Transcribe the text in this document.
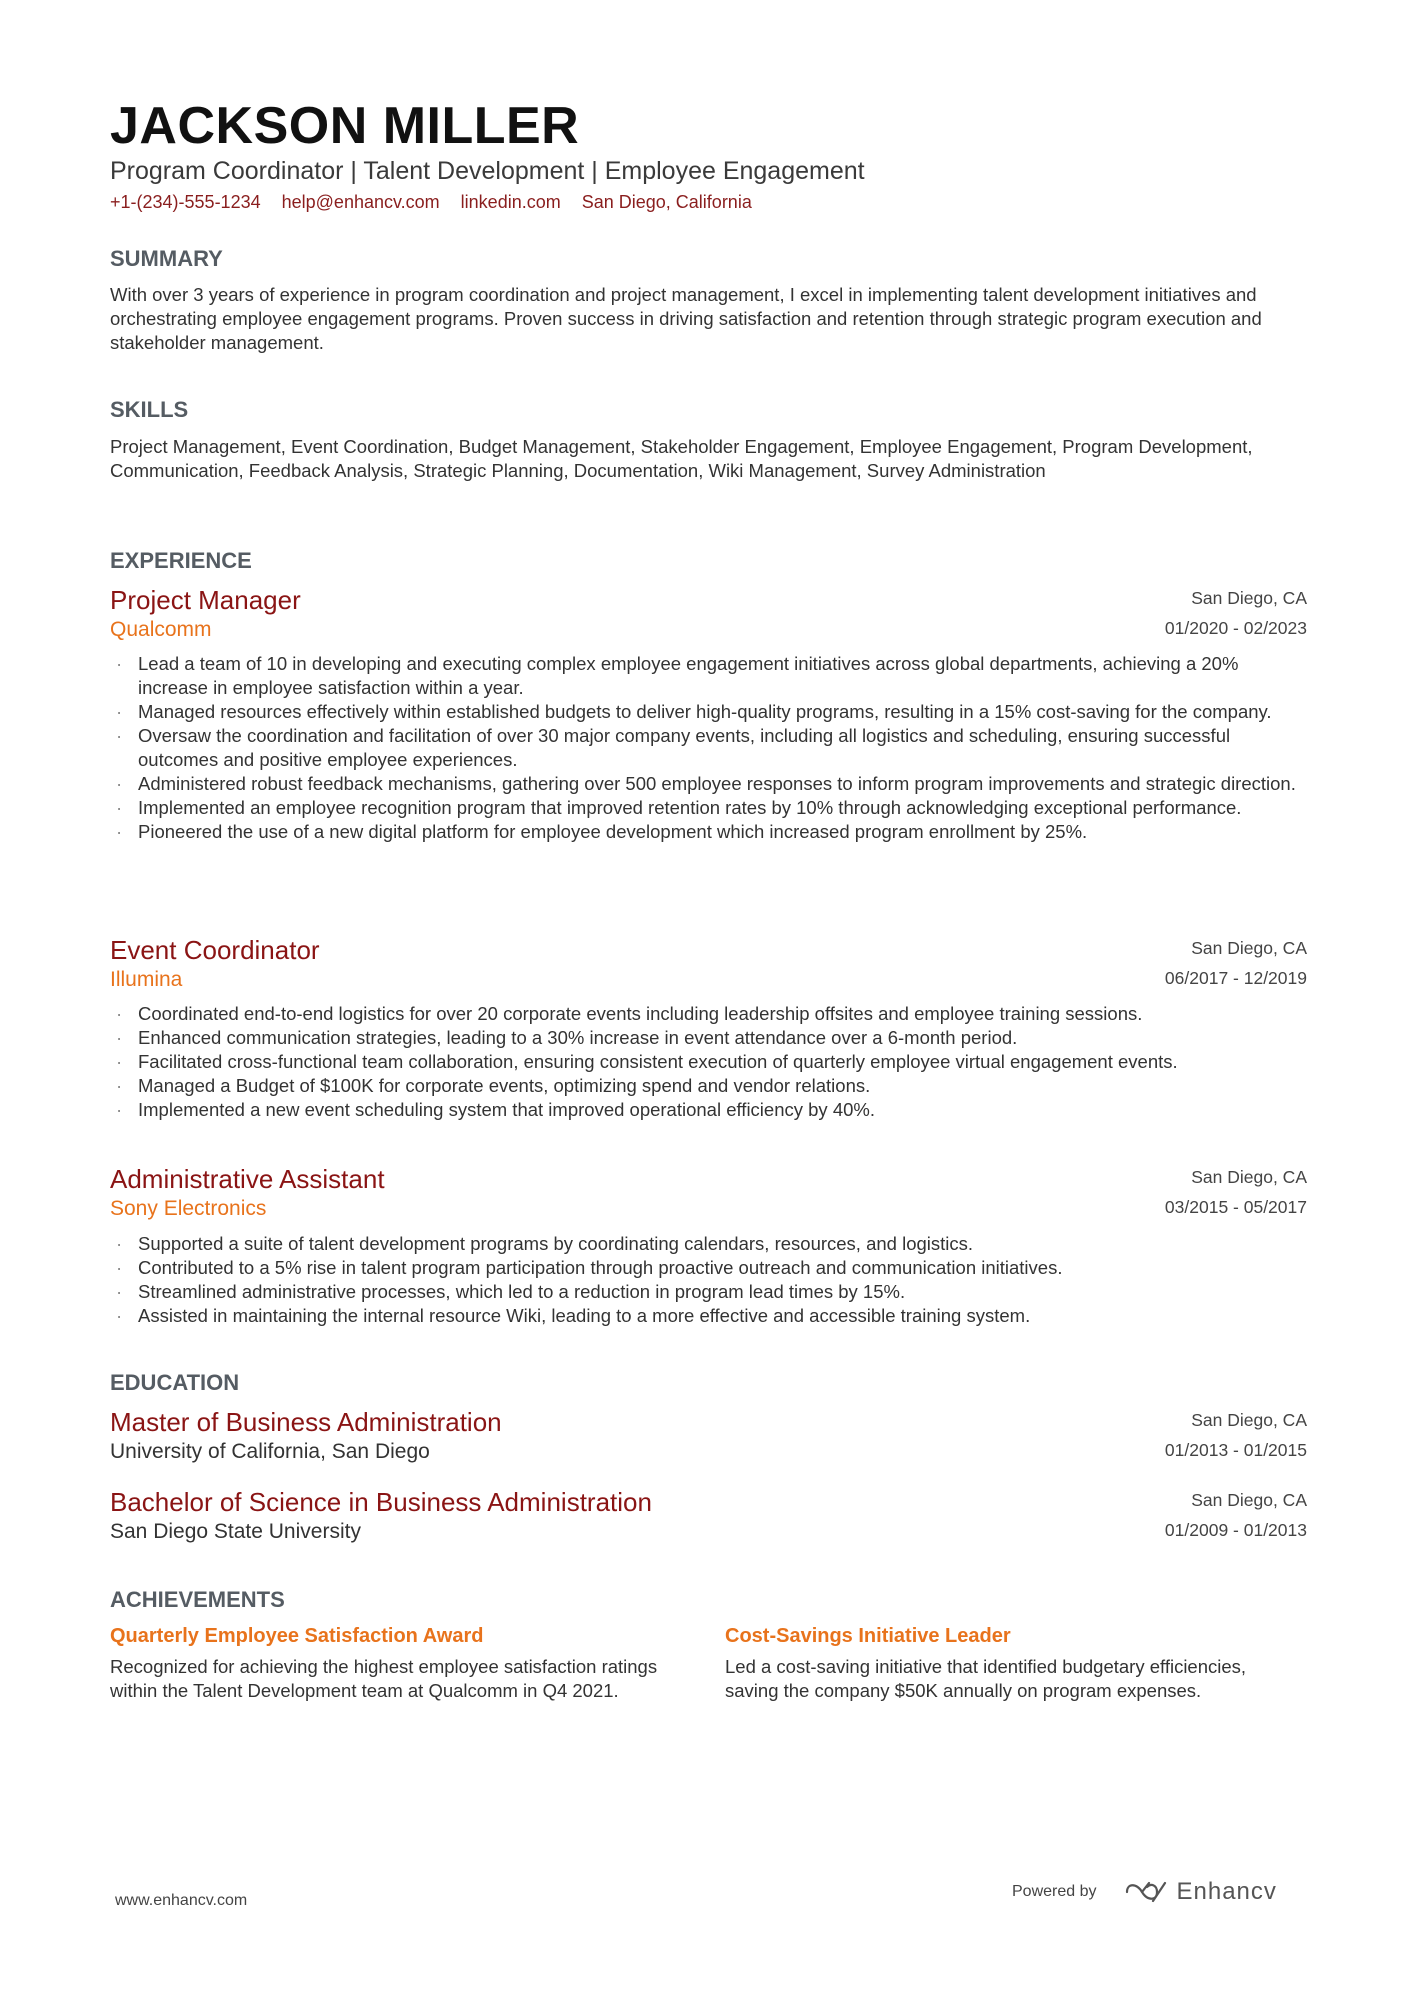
JACKSON MILLER
Program Coordinator | Talent Development | Employee Engagement
+1-(234)-555-1234 help@enhancv.com linkedin.com San Diego, California
SUMMARY
With over 3 years of experience in program coordination and project management, I excel in implementing talent development initiatives and orchestrating employee engagement programs. Proven success in driving satisfaction and retention through strategic program execution and stakeholder management.
SKILLS
Project Management, Event Coordination, Budget Management, Stakeholder Engagement, Employee Engagement, Program Development, Communication, Feedback Analysis, Strategic Planning, Documentation, Wiki Management, Survey Administration
EXPERIENCE
Project Manager
Qualcomm
San Diego, CA
01/2020 - 02/2023
· Lead a team of 10 in developing and executing complex employee engagement initiatives across global departments, achieving a 20% increase in employee satisfaction within a year.
· Managed resources effectively within established budgets to deliver high-quality programs, resulting in a 15% cost-saving for the company.
· Oversaw the coordination and facilitation of over 30 major company events, including all logistics and scheduling, ensuring successful outcomes and positive employee experiences.
· Administered robust feedback mechanisms, gathering over 500 employee responses to inform program improvements and strategic direction.
· Implemented an employee recognition program that improved retention rates by 10% through acknowledging exceptional performance.
· Pioneered the use of a new digital platform for employee development which increased program enrollment by 25%.
Event Coordinator
Illumina
San Diego, CA
06/2017 - 12/2019
· Coordinated end-to-end logistics for over 20 corporate events including leadership offsites and employee training sessions.
· Enhanced communication strategies, leading to a 30% increase in event attendance over a 6-month period.
· Facilitated cross-functional team collaboration, ensuring consistent execution of quarterly employee virtual engagement events.
· Managed a Budget of $100K for corporate events, optimizing spend and vendor relations.
· Implemented a new event scheduling system that improved operational efficiency by 40%.
Administrative Assistant
Sony Electronics
San Diego, CA
03/2015 - 05/2017
· Supported a suite of talent development programs by coordinating calendars, resources, and logistics.
· Contributed to a 5% rise in talent program participation through proactive outreach and communication initiatives.
· Streamlined administrative processes, which led to a reduction in program lead times by 15%.
· Assisted in maintaining the internal resource Wiki, leading to a more effective and accessible training system.
EDUCATION
Master of Business Administration
University of California, San Diego
San Diego, CA
01/2013 - 01/2015
Bachelor of Science in Business Administration
San Diego State University
San Diego, CA
01/2009 - 01/2013
ACHIEVEMENTS
Quarterly Employee Satisfaction Award
Recognized for achieving the highest employee satisfaction ratings within the Talent Development team at Qualcomm in Q4 2021.
Cost-Savings Initiative Leader
Led a cost-saving initiative that identified budgetary efficiencies, saving the company $50K annually on program expenses.
www.enhancv.com
Powered by	Enhancv
